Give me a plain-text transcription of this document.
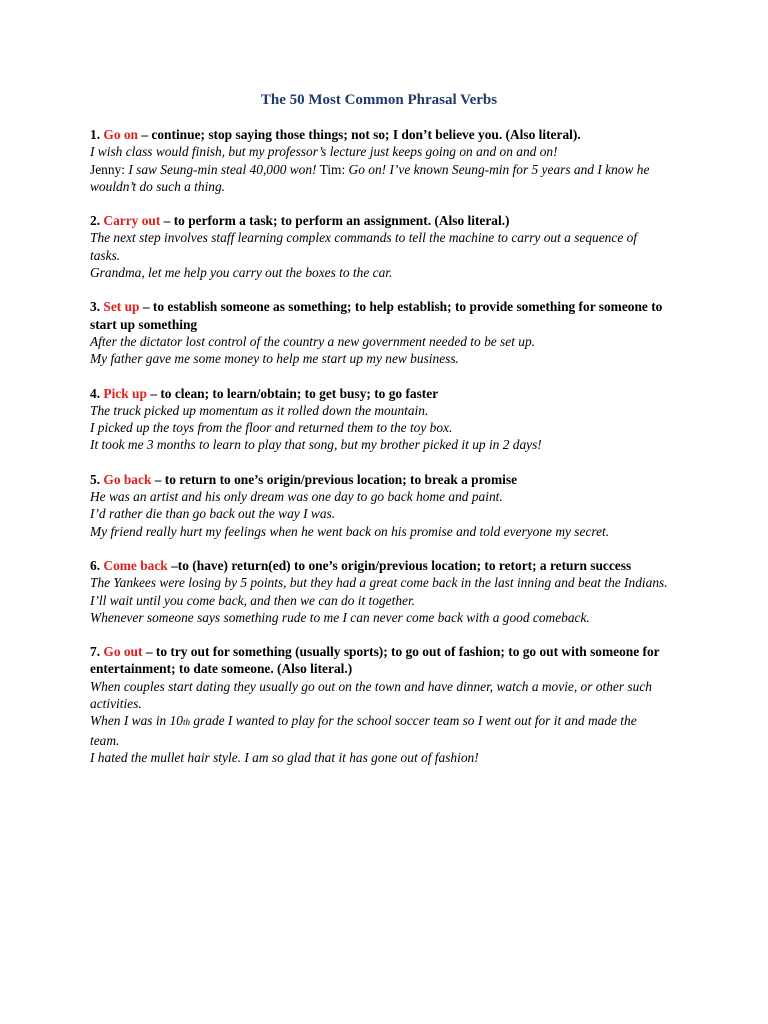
The 50 Most Common Phrasal Verbs
1. Go on – continue; stop saying those things; not so; I don’t believe you. (Also literal).
I wish class would finish, but my professor’s lecture just keeps going on and on and on!
Jenny: I saw Seung-min steal 40,000 won! Tim: Go on! I’ve known Seung-min for 5 years and I know he wouldn’t do such a thing.
2. Carry out – to perform a task; to perform an assignment. (Also literal.)
The next step involves staff learning complex commands to tell the machine to carry out a sequence of tasks.
Grandma, let me help you carry out the boxes to the car.
3. Set up – to establish someone as something; to help establish; to provide something for someone to start up something
After the dictator lost control of the country a new government needed to be set up.
My father gave me some money to help me start up my new business.
4. Pick up – to clean; to learn/obtain; to get busy; to go faster
The truck picked up momentum as it rolled down the mountain.
I picked up the toys from the floor and returned them to the toy box.
It took me 3 months to learn to play that song, but my brother picked it up in 2 days!
5. Go back – to return to one’s origin/previous location; to break a promise
He was an artist and his only dream was one day to go back home and paint.
I’d rather die than go back out the way I was.
My friend really hurt my feelings when he went back on his promise and told everyone my secret.
6. Come back –to (have) return(ed) to one’s origin/previous location; to retort; a return success
The Yankees were losing by 5 points, but they had a great come back in the last inning and beat the Indians.
I’ll wait until you come back, and then we can do it together.
Whenever someone says something rude to me I can never come back with a good comeback.
7. Go out – to try out for something (usually sports); to go out of fashion; to go out with someone for entertainment; to date someone. (Also literal.)
When couples start dating they usually go out on the town and have dinner, watch a movie, or other such activities.
When I was in 10th grade I wanted to play for the school soccer team so I went out for it and made the team.
I hated the mullet hair style. I am so glad that it has gone out of fashion!
